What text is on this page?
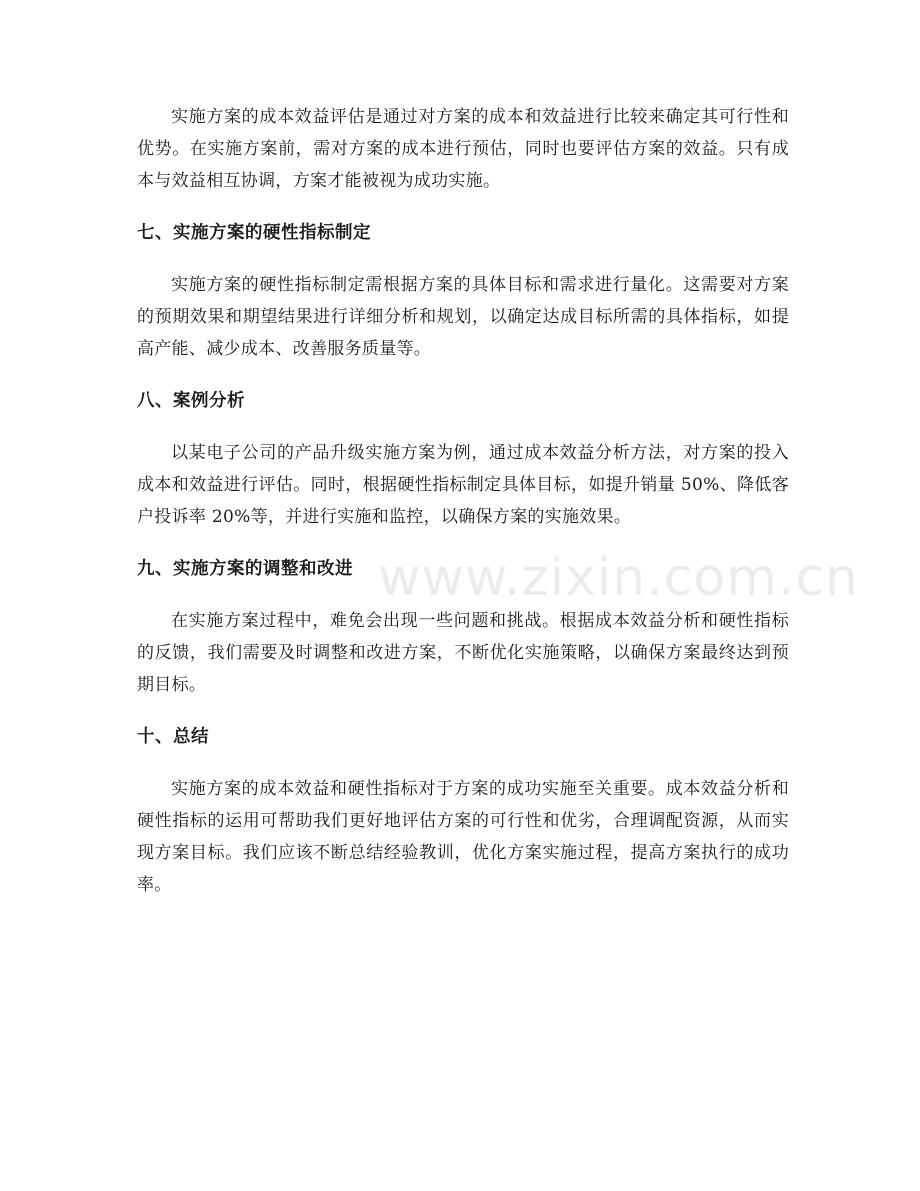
实施方案的成本效益评估是通过对方案的成本和效益进行比较来确定其可行性和优势。在实施方案前，需对方案的成本进行预估，同时也要评估方案的效益。只有成本与效益相互协调，方案才能被视为成功实施。

七、实施方案的硬性指标制定

实施方案的硬性指标制定需根据方案的具体目标和需求进行量化。这需要对方案的预期效果和期望结果进行详细分析和规划，以确定达成目标所需的具体指标，如提高产能、减少成本、改善服务质量等。

八、案例分析

以某电子公司的产品升级实施方案为例，通过成本效益分析方法，对方案的投入成本和效益进行评估。同时，根据硬性指标制定具体目标，如提升销量 50%、降低客户投诉率 20%等，并进行实施和监控，以确保方案的实施效果。

九、实施方案的调整和改进

在实施方案过程中，难免会出现一些问题和挑战。根据成本效益分析和硬性指标的反馈，我们需要及时调整和改进方案，不断优化实施策略，以确保方案最终达到预期目标。

十、总结

实施方案的成本效益和硬性指标对于方案的成功实施至关重要。成本效益分析和硬性指标的运用可帮助我们更好地评估方案的可行性和优劣，合理调配资源，从而实现方案目标。我们应该不断总结经验教训，优化方案实施过程，提高方案执行的成功率。

www.zixin.com.cn
